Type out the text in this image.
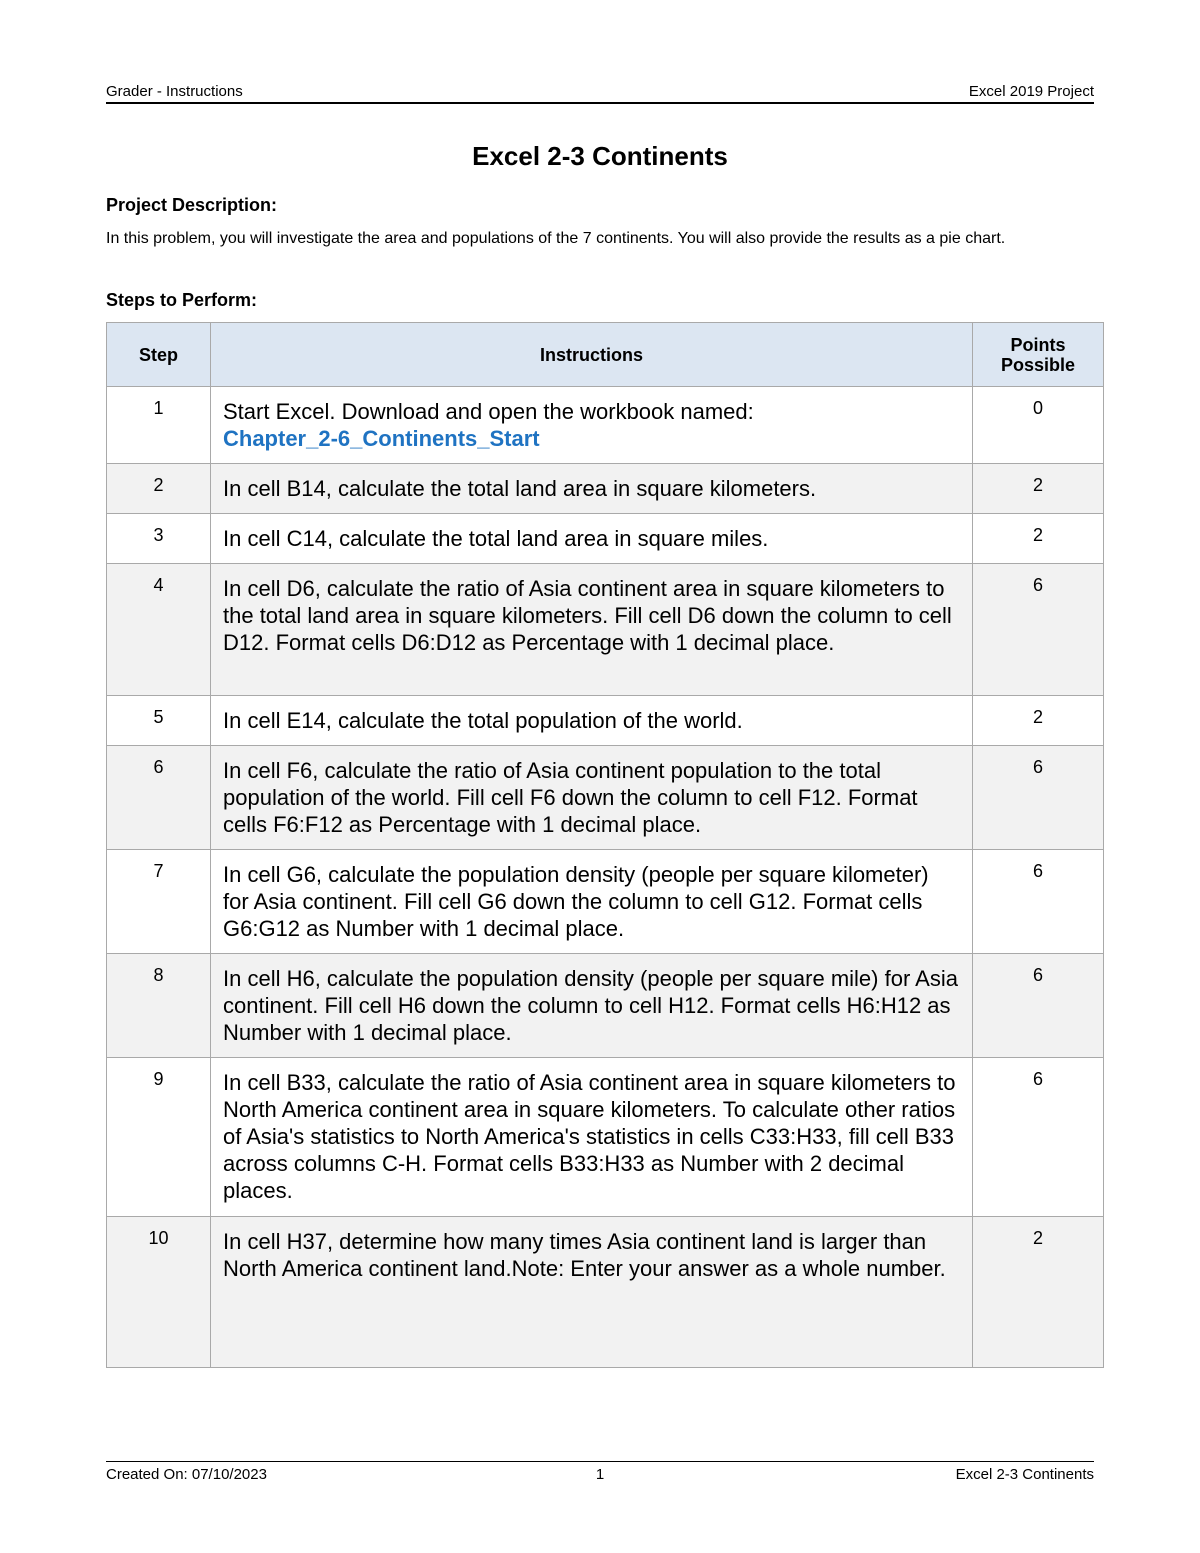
Grader - Instructions	Excel 2019 Project
Excel 2-3 Continents
Project Description:
In this problem, you will investigate the area and populations of the 7 continents. You will also provide the results as a pie chart.
Steps to Perform:
Step	Instructions	Points Possible
1	Start Excel. Download and open the workbook named:
Chapter_2-6_Continents_Start	0
2	In cell B14, calculate the total land area in square kilometers.	2
3	In cell C14, calculate the total land area in square miles.	2
4	In cell D6, calculate the ratio of Asia continent area in square kilometers to the total land area in square kilometers. Fill cell D6 down the column to cell D12. Format cells D6:D12 as Percentage with 1 decimal place.	6
5	In cell E14, calculate the total population of the world.	2
6	In cell F6, calculate the ratio of Asia continent population to the total population of the world. Fill cell F6 down the column to cell F12. Format cells F6:F12 as Percentage with 1 decimal place.	6
7	In cell G6, calculate the population density (people per square kilometer) for Asia continent. Fill cell G6 down the column to cell G12. Format cells G6:G12 as Number with 1 decimal place.	6
8	In cell H6, calculate the population density (people per square mile) for Asia continent. Fill cell H6 down the column to cell H12. Format cells H6:H12 as Number with 1 decimal place.	6
9	In cell B33, calculate the ratio of Asia continent area in square kilometers to North America continent area in square kilometers. To calculate other ratios of Asia's statistics to North America's statistics in cells C33:H33, fill cell B33 across columns C-H. Format cells B33:H33 as Number with 2 decimal places.	6
10	In cell H37, determine how many times Asia continent land is larger than North America continent land.Note: Enter your answer as a whole number.	2
Created On: 07/10/2023	1	Excel 2-3 Continents
